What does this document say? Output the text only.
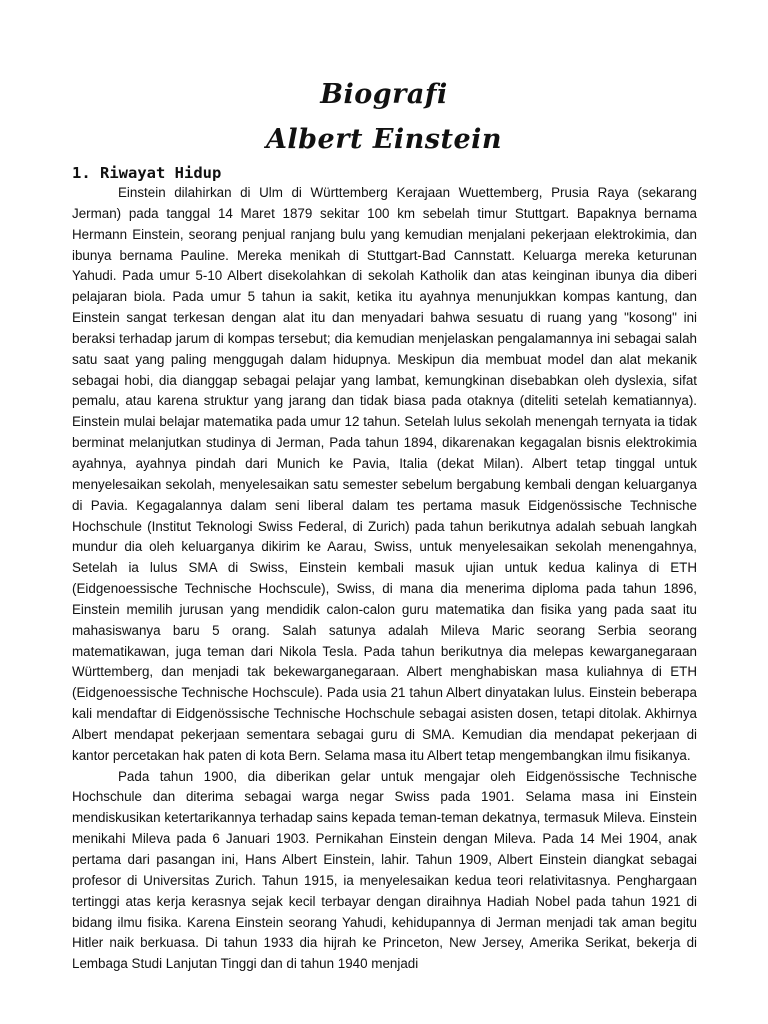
Biografi
Albert Einstein
1. Riwayat Hidup

Einstein dilahirkan di Ulm di Württemberg Kerajaan Wuettemberg, Prusia Raya (sekarang Jerman) pada tanggal 14 Maret 1879 sekitar 100 km sebelah timur Stuttgart. Bapaknya bernama Hermann Einstein, seorang penjual ranjang bulu yang kemudian menjalani pekerjaan elektrokimia, dan ibunya bernama Pauline. Mereka menikah di Stuttgart-Bad Cannstatt. Keluarga mereka keturunan Yahudi. Pada umur 5-10 Albert disekolahkan di sekolah Katholik dan atas keinginan ibunya dia diberi pelajaran biola. Pada umur 5 tahun ia sakit, ketika itu ayahnya menunjukkan kompas kantung, dan Einstein sangat terkesan dengan alat itu dan menyadari bahwa sesuatu di ruang yang "kosong" ini beraksi terhadap jarum di kompas tersebut; dia kemudian menjelaskan pengalamannya ini sebagai salah satu saat yang paling menggugah dalam hidupnya. Meskipun dia membuat model dan alat mekanik sebagai hobi, dia dianggap sebagai pelajar yang lambat, kemungkinan disebabkan oleh dyslexia, sifat pemalu, atau karena struktur yang jarang dan tidak biasa pada otaknya (diteliti setelah kematiannya). Einstein mulai belajar matematika pada umur 12 tahun. Setelah lulus sekolah menengah ternyata ia tidak berminat melanjutkan studinya di Jerman, Pada tahun 1894, dikarenakan kegagalan bisnis elektrokimia ayahnya, ayahnya pindah dari Munich ke Pavia, Italia (dekat Milan). Albert tetap tinggal untuk menyelesaikan sekolah, menyelesaikan satu semester sebelum bergabung kembali dengan keluarganya di Pavia. Kegagalannya dalam seni liberal dalam tes pertama masuk Eidgenössische Technische Hochschule (Institut Teknologi Swiss Federal, di Zurich) pada tahun berikutnya adalah sebuah langkah mundur dia oleh keluarganya dikirim ke Aarau, Swiss, untuk menyelesaikan sekolah menengahnya, Setelah ia lulus SMA di Swiss, Einstein kembali masuk ujian untuk kedua kalinya di ETH (Eidgenoessische Technische Hochscule), Swiss, di mana dia menerima diploma pada tahun 1896, Einstein memilih jurusan yang mendidik calon-calon guru matematika dan fisika yang pada saat itu mahasiswanya baru 5 orang. Salah satunya adalah Mileva Maric seorang Serbia seorang matematikawan, juga teman dari Nikola Tesla. Pada tahun berikutnya dia melepas kewarganegaraan Württemberg, dan menjadi tak bekewarganegaraan. Albert menghabiskan masa kuliahnya di ETH (Eidgenoessische Technische Hochscule). Pada usia 21 tahun Albert dinyatakan lulus. Einstein beberapa kali mendaftar di Eidgenössische Technische Hochschule sebagai asisten dosen, tetapi ditolak. Akhirnya Albert mendapat pekerjaan sementara sebagai guru di SMA. Kemudian dia mendapat pekerjaan di kantor percetakan hak paten di kota Bern. Selama masa itu Albert tetap mengembangkan ilmu fisikanya.

Pada tahun 1900, dia diberikan gelar untuk mengajar oleh Eidgenössische Technische Hochschule dan diterima sebagai warga negar Swiss pada 1901. Selama masa ini Einstein mendiskusikan ketertarikannya terhadap sains kepada teman-teman dekatnya, termasuk Mileva. Einstein menikahi Mileva pada 6 Januari 1903. Pernikahan Einstein dengan Mileva. Pada 14 Mei 1904, anak pertama dari pasangan ini, Hans Albert Einstein, lahir. Tahun 1909, Albert Einstein diangkat sebagai profesor di Universitas Zurich. Tahun 1915, ia menyelesaikan kedua teori relativitasnya. Penghargaan tertinggi atas kerja kerasnya sejak kecil terbayar dengan diraihnya Hadiah Nobel pada tahun 1921 di bidang ilmu fisika. Karena Einstein seorang Yahudi, kehidupannya di Jerman menjadi tak aman begitu Hitler naik berkuasa. Di tahun 1933 dia hijrah ke Princeton, New Jersey, Amerika Serikat, bekerja di Lembaga Studi Lanjutan Tinggi dan di tahun 1940 menjadi
